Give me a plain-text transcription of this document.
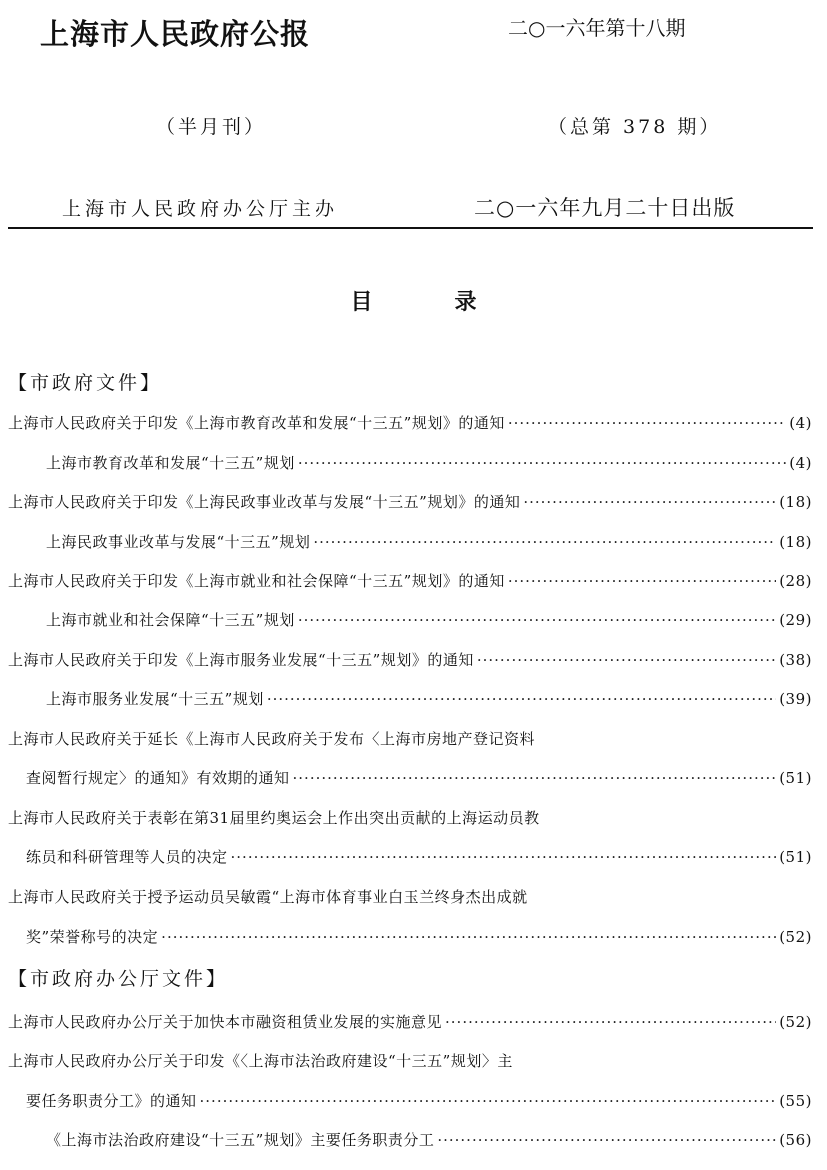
上海市人民政府公报	二○一六年第十八期
（半月刊）	（总第 378 期）
上海市人民政府办公厅主办	二○一六年九月二十日出版
目	录
【市政府文件】
上海市人民政府关于印发《上海市教育改革和发展“十三五”规划》的通知 ·····	(4)
上海市教育改革和发展“十三五”规划 ·····	(4)
上海市人民政府关于印发《上海民政事业改革与发展“十三五”规划》的通知 ·····	(18)
上海民政事业改革与发展“十三五”规划 ·····	(18)
上海市人民政府关于印发《上海市就业和社会保障“十三五”规划》的通知 ·····	(28)
上海市就业和社会保障“十三五”规划 ·····	(29)
上海市人民政府关于印发《上海市服务业发展“十三五”规划》的通知 ·····	(38)
上海市服务业发展“十三五”规划 ·····	(39)
上海市人民政府关于延长《上海市人民政府关于发布〈上海市房地产登记资料
查阅暂行规定〉的通知》有效期的通知 ·····	(51)
上海市人民政府关于表彰在第31届里约奥运会上作出突出贡献的上海运动员教
练员和科研管理等人员的决定 ·····	(51)
上海市人民政府关于授予运动员吴敏霞“上海市体育事业白玉兰终身杰出成就
奖”荣誉称号的决定 ·····	(52)
【市政府办公厅文件】
上海市人民政府办公厅关于加快本市融资租赁业发展的实施意见 ·····	(52)
上海市人民政府办公厅关于印发《〈上海市法治政府建设“十三五”规划〉主
要任务职责分工》的通知 ·····	(55)
《上海市法治政府建设“十三五”规划》主要任务职责分工 ·····	(56)
